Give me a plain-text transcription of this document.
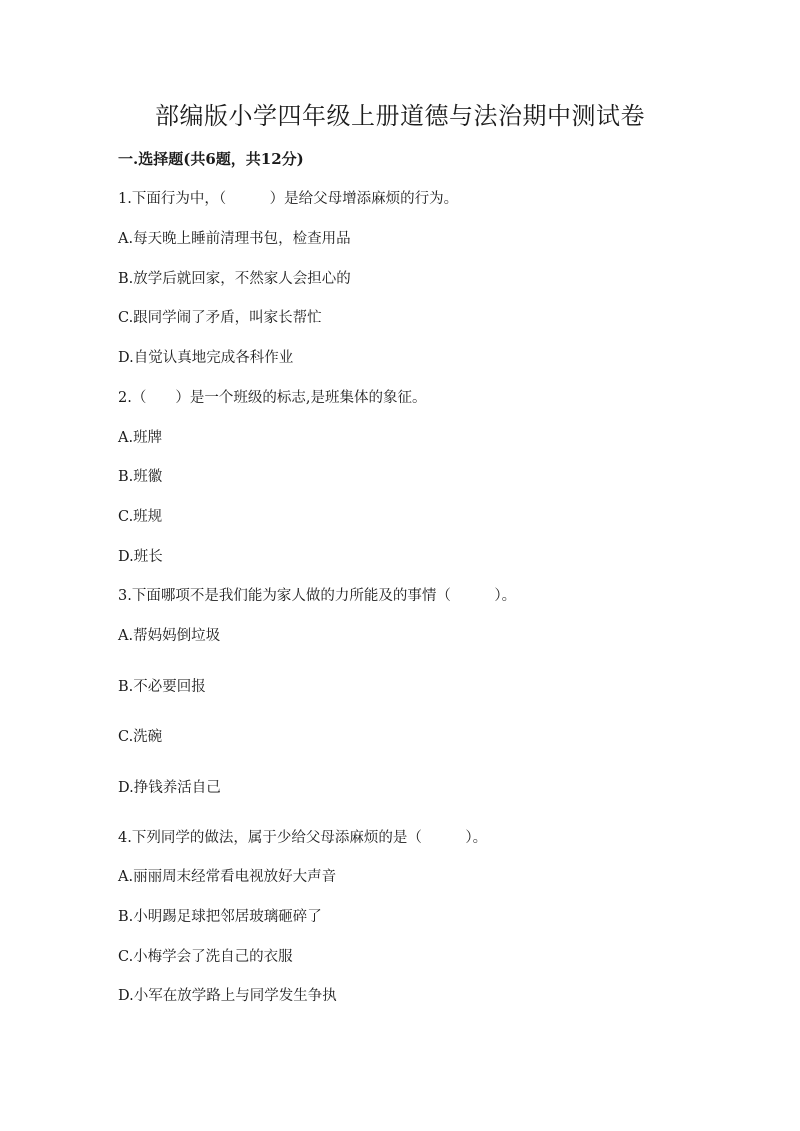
部编版小学四年级上册道德与法治期中测试卷

一.选择题(共6题，共12分)

1.下面行为中，（　　　）是给父母增添麻烦的行为。

A.每天晚上睡前清理书包，检查用品

B.放学后就回家，不然家人会担心的

C.跟同学闹了矛盾，叫家长帮忙

D.自觉认真地完成各科作业

2.（　　）是一个班级的标志,是班集体的象征。

A.班牌

B.班徽

C.班规

D.班长

3.下面哪项不是我们能为家人做的力所能及的事情（　　　）。

A.帮妈妈倒垃圾

B.不必要回报

C.洗碗

D.挣钱养活自己

4.下列同学的做法，属于少给父母添麻烦的是（　　　）。

A.丽丽周末经常看电视放好大声音

B.小明踢足球把邻居玻璃砸碎了

C.小梅学会了洗自己的衣服

D.小军在放学路上与同学发生争执
